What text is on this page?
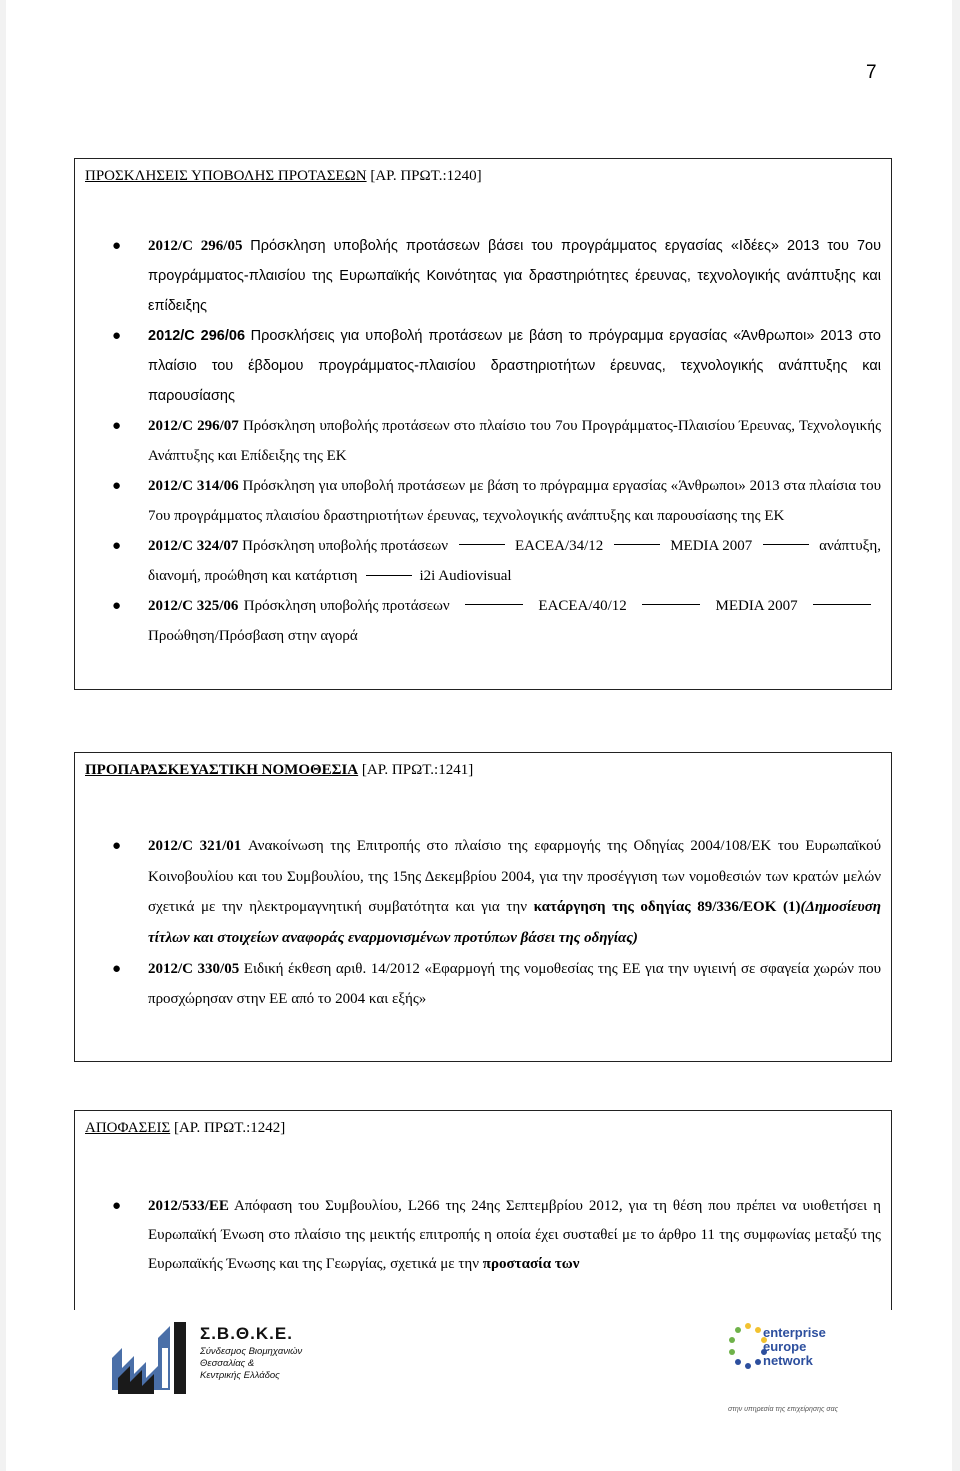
7
ΠΡΟΣΚΛΗΣΕΙΣ ΥΠΟΒΟΛΗΣ ΠΡΟΤΑΣΕΩΝ [ΑΡ. ΠΡΩΤ.:1240]
● 2012/C 296/05 Πρόσκληση υποβολής προτάσεων βάσει του προγράμματος εργασίας «Ιδέες» 2013 του 7ου προγράμματος-πλαισίου της Ευρωπαϊκής Κοινότητας για δραστηριότητες έρευνας, τεχνολογικής ανάπτυξης και επίδειξης
● 2012/C 296/06 Προσκλήσεις για υποβολή προτάσεων με βάση το πρόγραμμα εργασίας «Άνθρωποι» 2013 στο πλαίσιο του έβδομου προγράμματος-πλαισίου δραστηριοτήτων έρευνας, τεχνολογικής ανάπτυξης και παρουσίασης
● 2012/C 296/07 Πρόσκληση υποβολής προτάσεων στο πλαίσιο του 7ου Προγράμματος-Πλαισίου Έρευνας, Τεχνολογικής Ανάπτυξης και Επίδειξης της ΕΚ
● 2012/C 314/06 Πρόσκληση για υποβολή προτάσεων με βάση το πρόγραμμα εργασίας «Άνθρωποι» 2013 στα πλαίσια του 7ου προγράμματος πλαισίου δραστηριοτήτων έρευνας, τεχνολογικής ανάπτυξης και παρουσίασης της ΕΚ
● 2012/C 324/07 Πρόσκληση υποβολής προτάσεων	EACEA/34/12	MEDIA 2007	ανάπτυξη,
διανομή, προώθηση και κατάρτιση	i2i Audiovisual
● 2012/C 325/06 Πρόσκληση υποβολής προτάσεων	EACEA/40/12	MEDIA 2007
Προώθηση/Πρόσβαση στην αγορά
ΠΡΟΠΑΡΑΣΚΕΥΑΣΤΙΚΗ ΝΟΜΟΘΕΣΙΑ [ΑΡ. ΠΡΩΤ.:1241]
● 2012/C 321/01 Ανακοίνωση της Επιτροπής στο πλαίσιο της εφαρμογής της Οδηγίας 2004/108/ΕΚ του Ευρωπαϊκού Κοινοβουλίου και του Συμβουλίου, της 15ης Δεκεμβρίου 2004, για την προσέγγιση των νομοθεσιών των κρατών μελών σχετικά με την ηλεκτρομαγνητική συμβατότητα και για την κατάργηση της οδηγίας 89/336/ΕΟΚ (1)(Δημοσίευση τίτλων και στοιχείων αναφοράς εναρμονισμένων προτύπων βάσει της οδηγίας)
● 2012/C 330/05 Ειδική έκθεση αριθ. 14/2012 «Εφαρμογή της νομοθεσίας της ΕΕ για την υγιεινή σε σφαγεία χωρών που προσχώρησαν στην ΕΕ από το 2004 και εξής»
ΑΠΟΦΑΣΕΙΣ [ΑΡ. ΠΡΩΤ.:1242]
● 2012/533/ΕΕ Απόφαση του Συμβουλίου, L266 της 24ης Σεπτεμβρίου 2012, για τη θέση που πρέπει να υιοθετήσει η Ευρωπαϊκή Ένωση στο πλαίσιο της μεικτής επιτροπής η οποία έχει συσταθεί με το άρθρο 11 της συμφωνίας μεταξύ της Ευρωπαϊκής Ένωσης και της Γεωργίας, σχετικά με την προστασία των
Σ.Β.Θ.Κ.Ε.
Σύνδεσμος Βιομηχανιών
Θεσσαλίας &
Κεντρικής Ελλάδος
enterprise
europe
network
στην υπηρεσία της επιχείρησης σας
